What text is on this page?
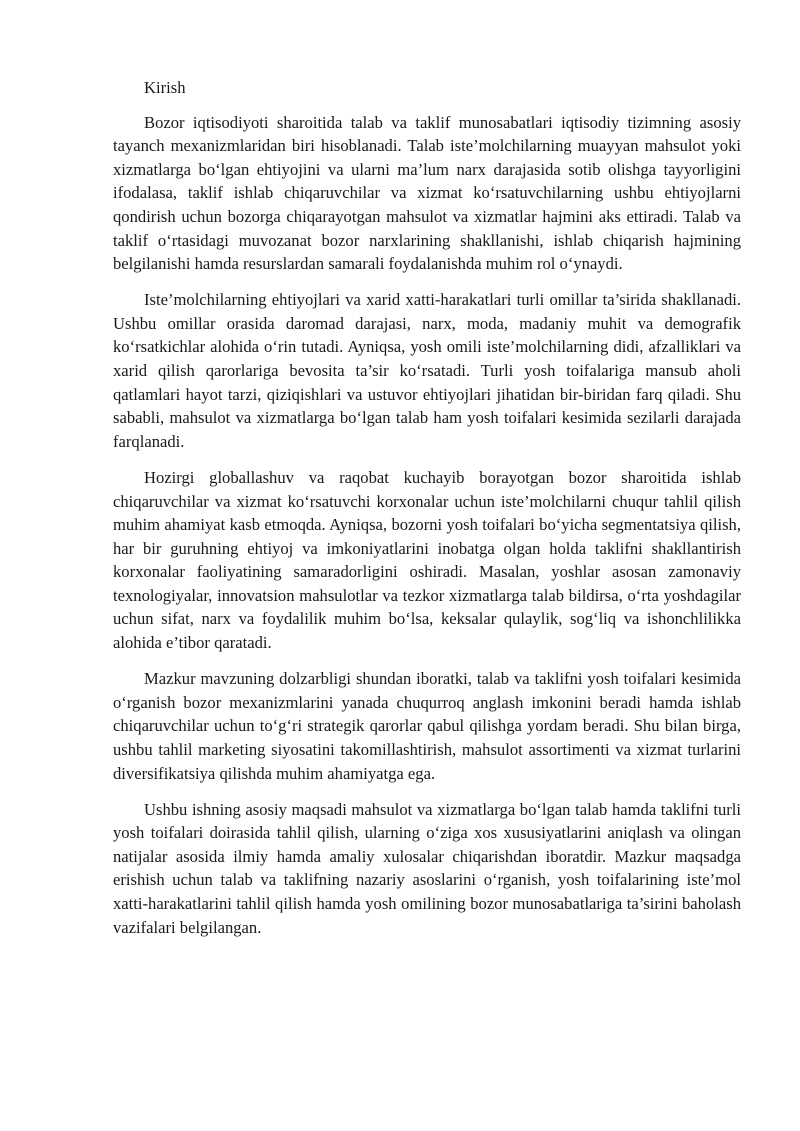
Kirish

Bozor iqtisodiyoti sharoitida talab va taklif munosabatlari iqtisodiy tizimning asosiy tayanch mexanizmlaridan biri hisoblanadi. Talab iste’molchilarning muayyan mahsulot yoki xizmatlarga bo‘lgan ehtiyojini va ularni ma’lum narx darajasida sotib olishga tayyorligini ifodalasa, taklif ishlab chiqaruvchilar va xizmat ko‘rsatuvchilarning ushbu ehtiyojlarni qondirish uchun bozorga chiqarayotgan mahsulot va xizmatlar hajmini aks ettiradi. Talab va taklif o‘rtasidagi muvozanat bozor narxlarining shakllanishi, ishlab chiqarish hajmining belgilanishi hamda resurslardan samarali foydalanishda muhim rol o‘ynaydi.

Iste’molchilarning ehtiyojlari va xarid xatti-harakatlari turli omillar ta’sirida shakllanadi. Ushbu omillar orasida daromad darajasi, narx, moda, madaniy muhit va demografik ko‘rsatkichlar alohida o‘rin tutadi. Ayniqsa, yosh omili iste’molchilarning didi, afzalliklari va xarid qilish qarorlariga bevosita ta’sir ko‘rsatadi. Turli yosh toifalariga mansub aholi qatlamlari hayot tarzi, qiziqishlari va ustuvor ehtiyojlari jihatidan bir-biridan farq qiladi. Shu sababli, mahsulot va xizmatlarga bo‘lgan talab ham yosh toifalari kesimida sezilarli darajada farqlanadi.

Hozirgi globallashuv va raqobat kuchayib borayotgan bozor sharoitida ishlab chiqaruvchilar va xizmat ko‘rsatuvchi korxonalar uchun iste’molchilarni chuqur tahlil qilish muhim ahamiyat kasb etmoqda. Ayniqsa, bozorni yosh toifalari bo‘yicha segmentatsiya qilish, har bir guruhning ehtiyoj va imkoniyatlarini inobatga olgan holda taklifni shakllantirish korxonalar faoliyatining samaradorligini oshiradi. Masalan, yoshlar asosan zamonaviy texnologiyalar, innovatsion mahsulotlar va tezkor xizmatlarga talab bildirsa, o‘rta yoshdagilar uchun sifat, narx va foydalilik muhim bo‘lsa, keksalar qulaylik, sog‘liq va ishonchlilikka alohida e’tibor qaratadi.

Mazkur mavzuning dolzarbligi shundan iboratki, talab va taklifni yosh toifalari kesimida o‘rganish bozor mexanizmlarini yanada chuqurroq anglash imkonini beradi hamda ishlab chiqaruvchilar uchun to‘g‘ri strategik qarorlar qabul qilishga yordam beradi. Shu bilan birga, ushbu tahlil marketing siyosatini takomillashtirish, mahsulot assortimenti va xizmat turlarini diversifikatsiya qilishda muhim ahamiyatga ega.

Ushbu ishning asosiy maqsadi mahsulot va xizmatlarga bo‘lgan talab hamda taklifni turli yosh toifalari doirasida tahlil qilish, ularning o‘ziga xos xususiyatlarini aniqlash va olingan natijalar asosida ilmiy hamda amaliy xulosalar chiqarishdan iboratdir. Mazkur maqsadga erishish uchun talab va taklifning nazariy asoslarini o‘rganish, yosh toifalarining iste’mol xatti-harakatlarini tahlil qilish hamda yosh omilining bozor munosabatlariga ta’sirini baholash vazifalari belgilangan.
